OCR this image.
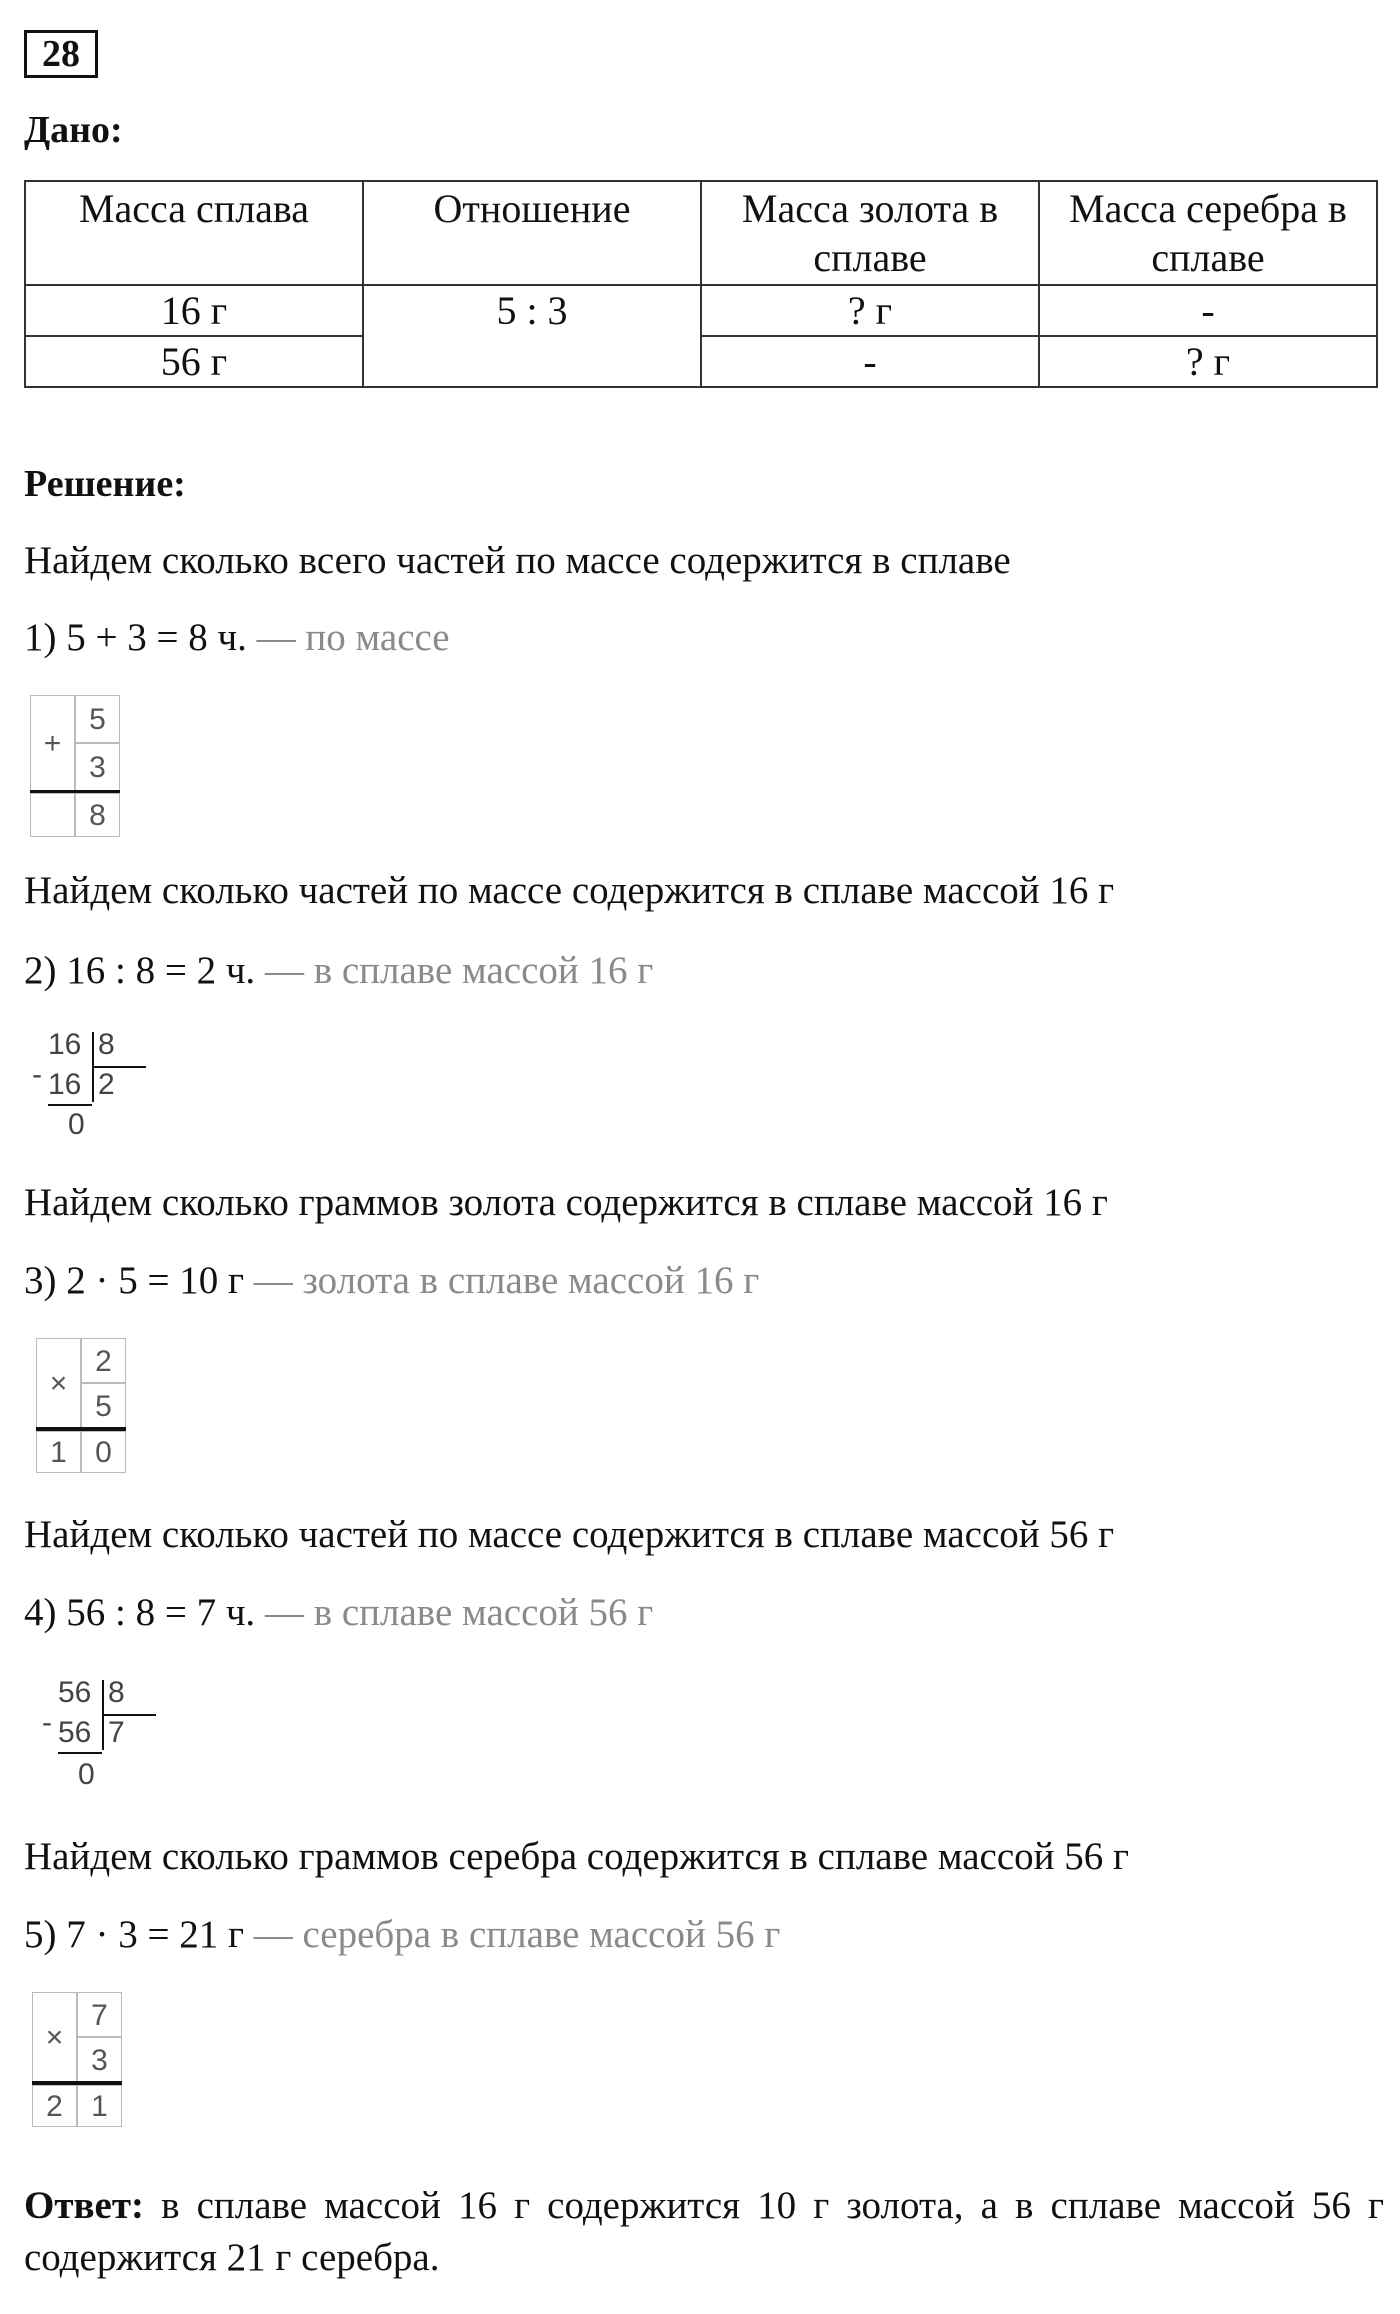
28
Дано:
Масса сплава	Отношение	Масса золота в сплаве	Масса серебра в сплаве
16 г	5 : 3	? г	-
56 г		-	? г
Решение:
Найдем сколько всего частей по массе содержится в сплаве
1) 5 + 3 = 8 ч. — по массе
+
5
3
8
Найдем сколько частей по массе содержится в сплаве массой 16 г
2) 16 : 8 = 2 ч. — в сплаве массой 16 г
16 8
- 16 2
0
Найдем сколько граммов золота содержится в сплаве массой 16 г
3) 2 · 5 = 10 г — золота в сплаве массой 16 г
×
2
5
1 0
Найдем сколько частей по массе содержится в сплаве массой 56 г
4) 56 : 8 = 7 ч. — в сплаве массой 56 г
56 8
- 56 7
0
Найдем сколько граммов серебра содержится в сплаве массой 56 г
5) 7 · 3 = 21 г — серебра в сплаве массой 56 г
×
7
3
2 1
Ответ: в сплаве массой 16 г содержится 10 г золота, а в сплаве массой 56 г содержится 21 г серебра.
